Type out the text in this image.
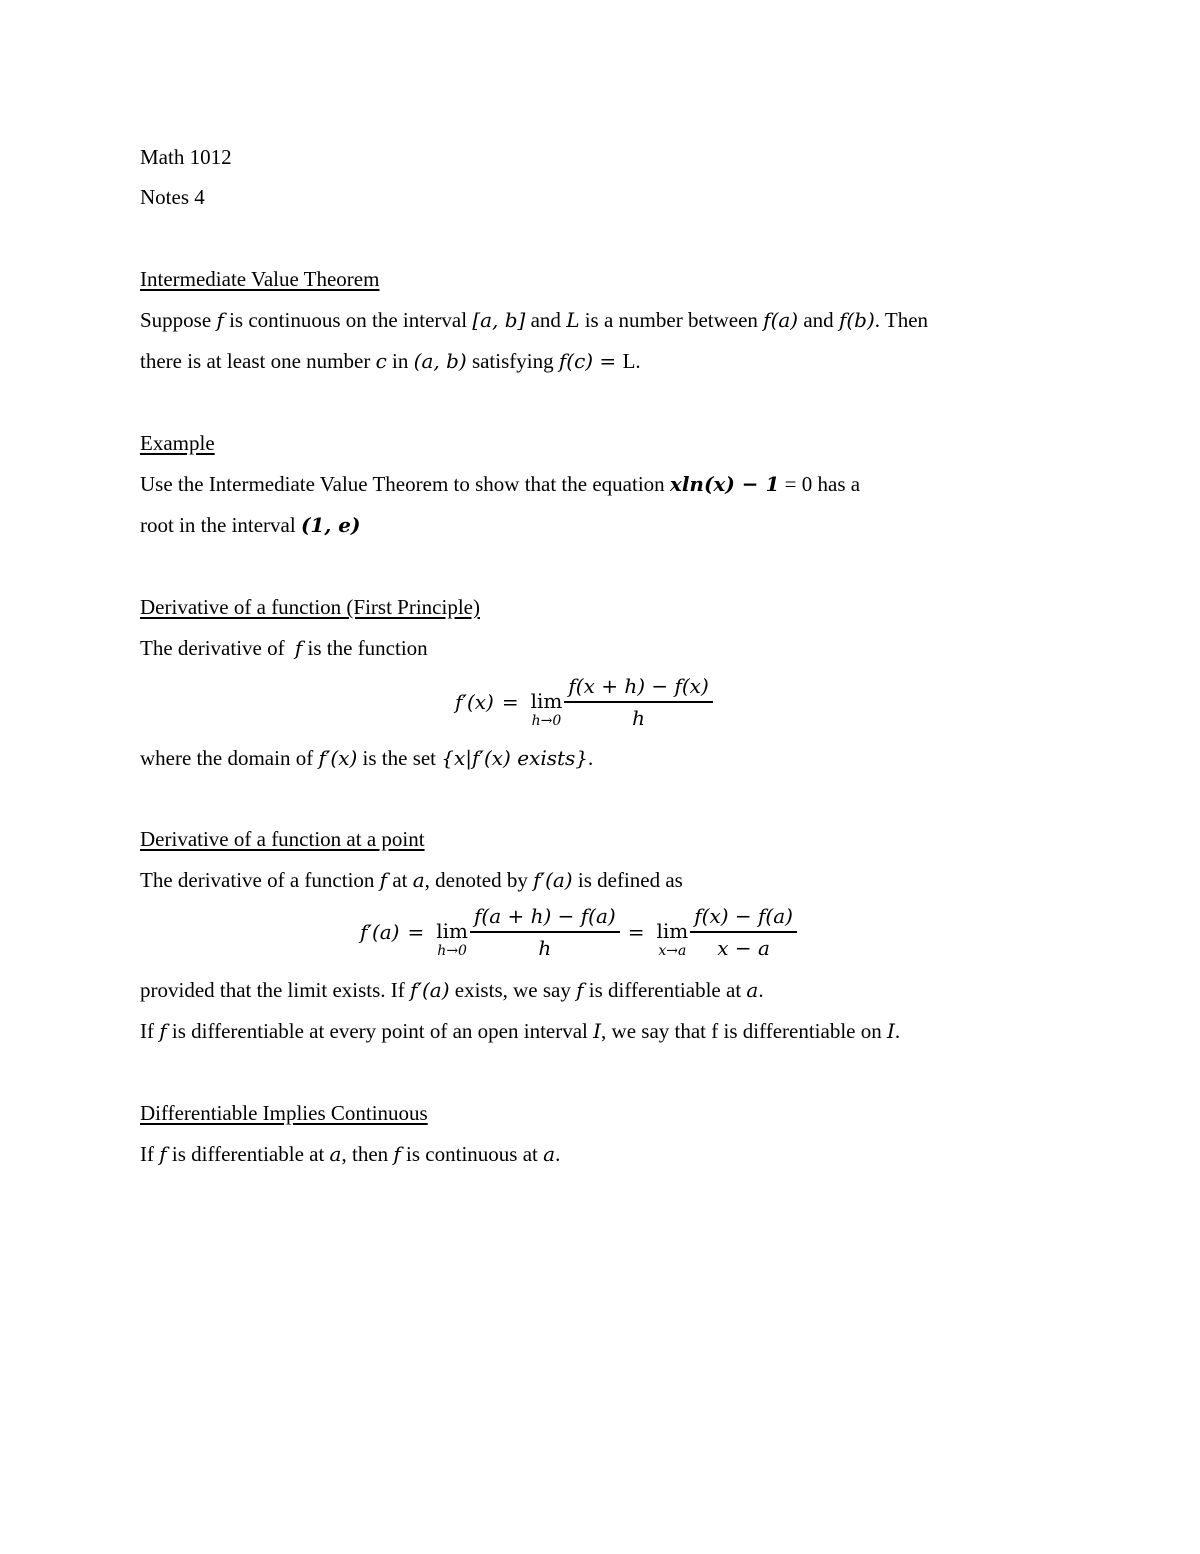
Math 1012
Notes 4
Intermediate Value Theorem
Suppose f is continuous on the interval [a, b] and L is a number between f(a) and f(b). Then
there is at least one number c in (a, b) satisfying f(c) = L.
Example
Use the Intermediate Value Theorem to show that the equation xln(x) − 1 = 0 has a
root in the interval (1, e)
Derivative of a function (First Principle)
The derivative of f is the function
f′(x) = lim
$h\to 0 \frac{f(x + h) - f(x)}{h}$
where the domain of f′(x) is the set {x|f′(x) exists}.
Derivative of a function at a point
The derivative of a function f at a, denoted by f′(a) is defined as
f′(a) = lim
$h\to 0 \frac{f(a + h) - f(a)}{h} = \lim$
$x\to a \frac{f(x) - f(a)}{x - a}$
provided that the limit exists. If f′(a) exists, we say f is differentiable at a.
If f is differentiable at every point of an open interval I, we say that f is differentiable on I.
Differentiable Implies Continuous
If f is differentiable at a, then f is continuous at a.
